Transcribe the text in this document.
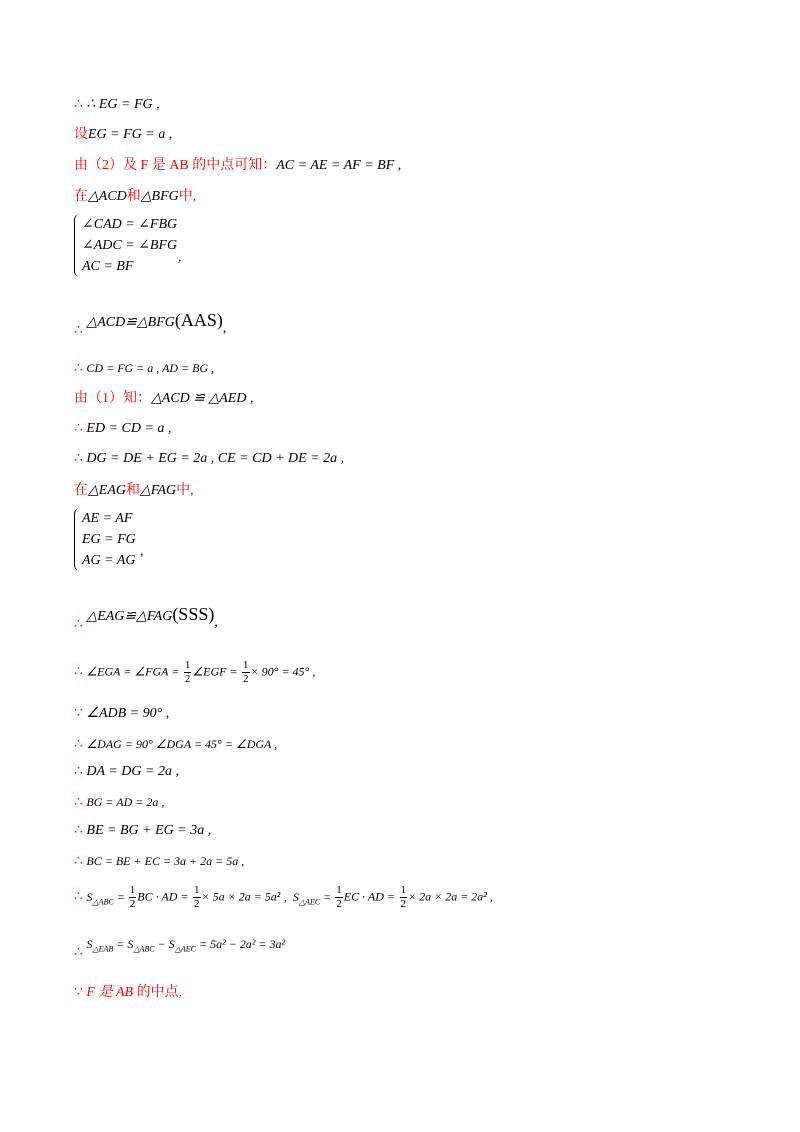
∴ ∴ EG = FG ,
设EG = FG = a ,
由（2）及 F 是 AB 的中点可知：AC = AE = AF = BF ,
在△ACD和△BFG中,
∠CAD = ∠FBG
∠ADC = ∠BFG
AC = BF
,
∴ △ACD≌△BFG(AAS),
∴ CD = FG = a , AD = BG ,
由（1）知：△ACD ≌ △AED ,
∴ ED = CD = a ,
∴ DG = DE + EG = 2a , CE = CD + DE = 2a ,
在△EAG和△FAG中,
AE = AF
EG = FG
AG = AG
,
∴ △EAG≌△FAG(SSS),
∴ ∠EGA = ∠FGA = $\frac{1}{2}$ ∠EGF = $\frac{1}{2} \times 90^\circ = 45^\circ$ ,
∵ ∠ADB = 90° ,
∴ ∠DAG = 90° ∠DGA = 45° = ∠DGA ,
∴ DA = DG = 2a ,
∴ BG = AD = 2a ,
∴ BE = BG + EG = 3a ,
∴ BC = BE + EC = 3a + 2a = 5a ,
∴ $S_{\triangle ABC} = \frac{1}{2}$ BC · AD = $\frac{1}{2} \times 5a \times 2a = 5a^2$ ,  $S_{\triangle AEC} = \frac{1}{2}$ EC · AD = $\frac{1}{2} \times 2a \times 2a = 2a^2$ ,
∴ $S_{\triangle EAB} = S_{\triangle ABC} - S_{\triangle AEC} = 5a^2 - 2a^2 = 3a^2$
∵ F 是 AB 的中点,
